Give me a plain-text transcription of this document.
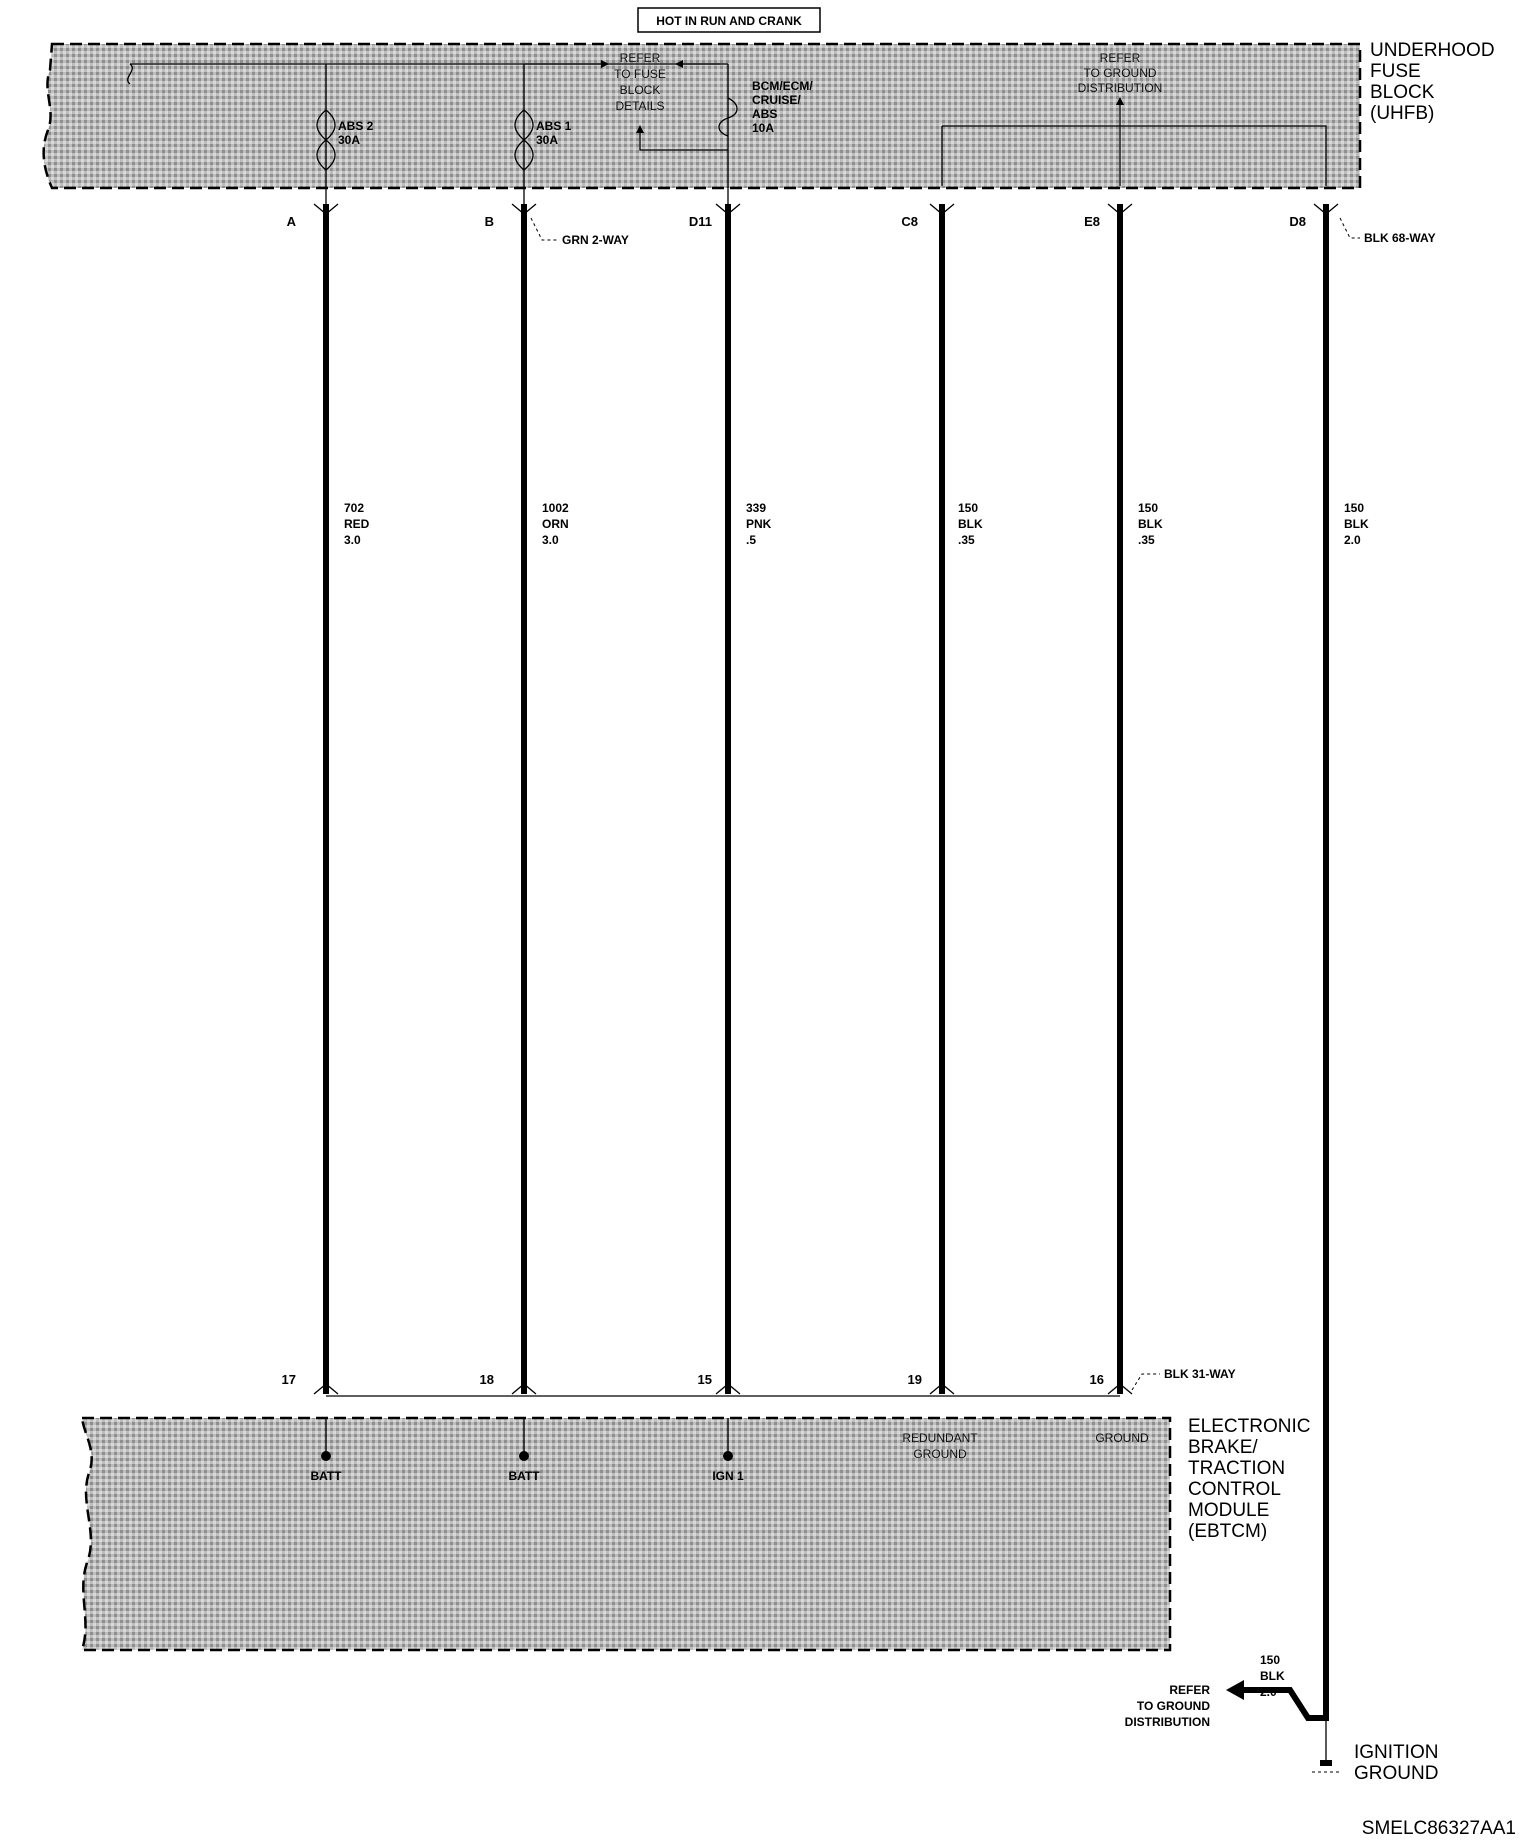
HOT IN RUN AND CRANK
ABS 2
30A
ABS 1
30A
BCM/ECM/
CRUISE/
ABS
10A
REFER
TO FUSE
BLOCK
DETAILS
REFER
TO GROUND
DISTRIBUTION
UNDERHOOD
FUSE
BLOCK
(UHFB)
GRN 2-WAY	BLK 68-WAY
A
702
RED
3.0
17
B
1002
ORN
3.0
18
D11
339
PNK
.5
15
C8
150
BLK
.35
19
E8
150
BLK
.35
16
D8
150
BLK
2.0
BLK 31-WAY
BATT	BATT	IGN 1
REDUNDANT
GROUND
GROUND
ELECTRONIC
BRAKE/
TRACTION
CONTROL
MODULE
(EBTCM)
150
BLK
2.0
REFER
TO GROUND
DISTRIBUTION
IGNITION
GROUND
SMELC86327AA1
